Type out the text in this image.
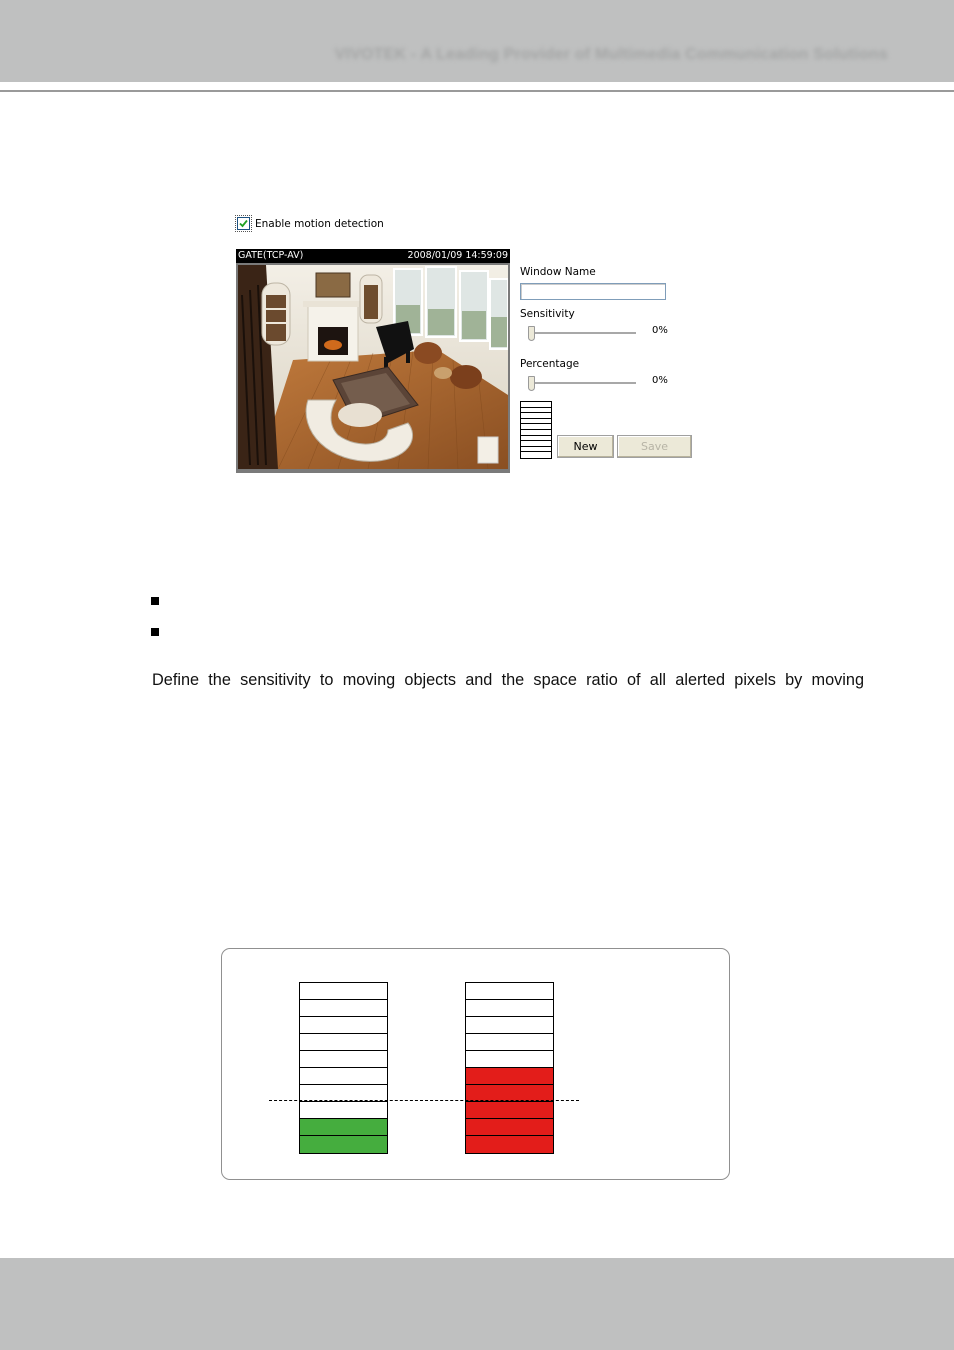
VIVOTEK - A Leading Provider of Multimedia Communication Solutions
Enable motion detection
GATE(TCP-AV)	2008/01/09 14:59:09
Window Name
Sensitivity
0%
Percentage
0%
New	Save

Define the sensitivity to moving objects and the space ratio of all alerted pixels by moving
